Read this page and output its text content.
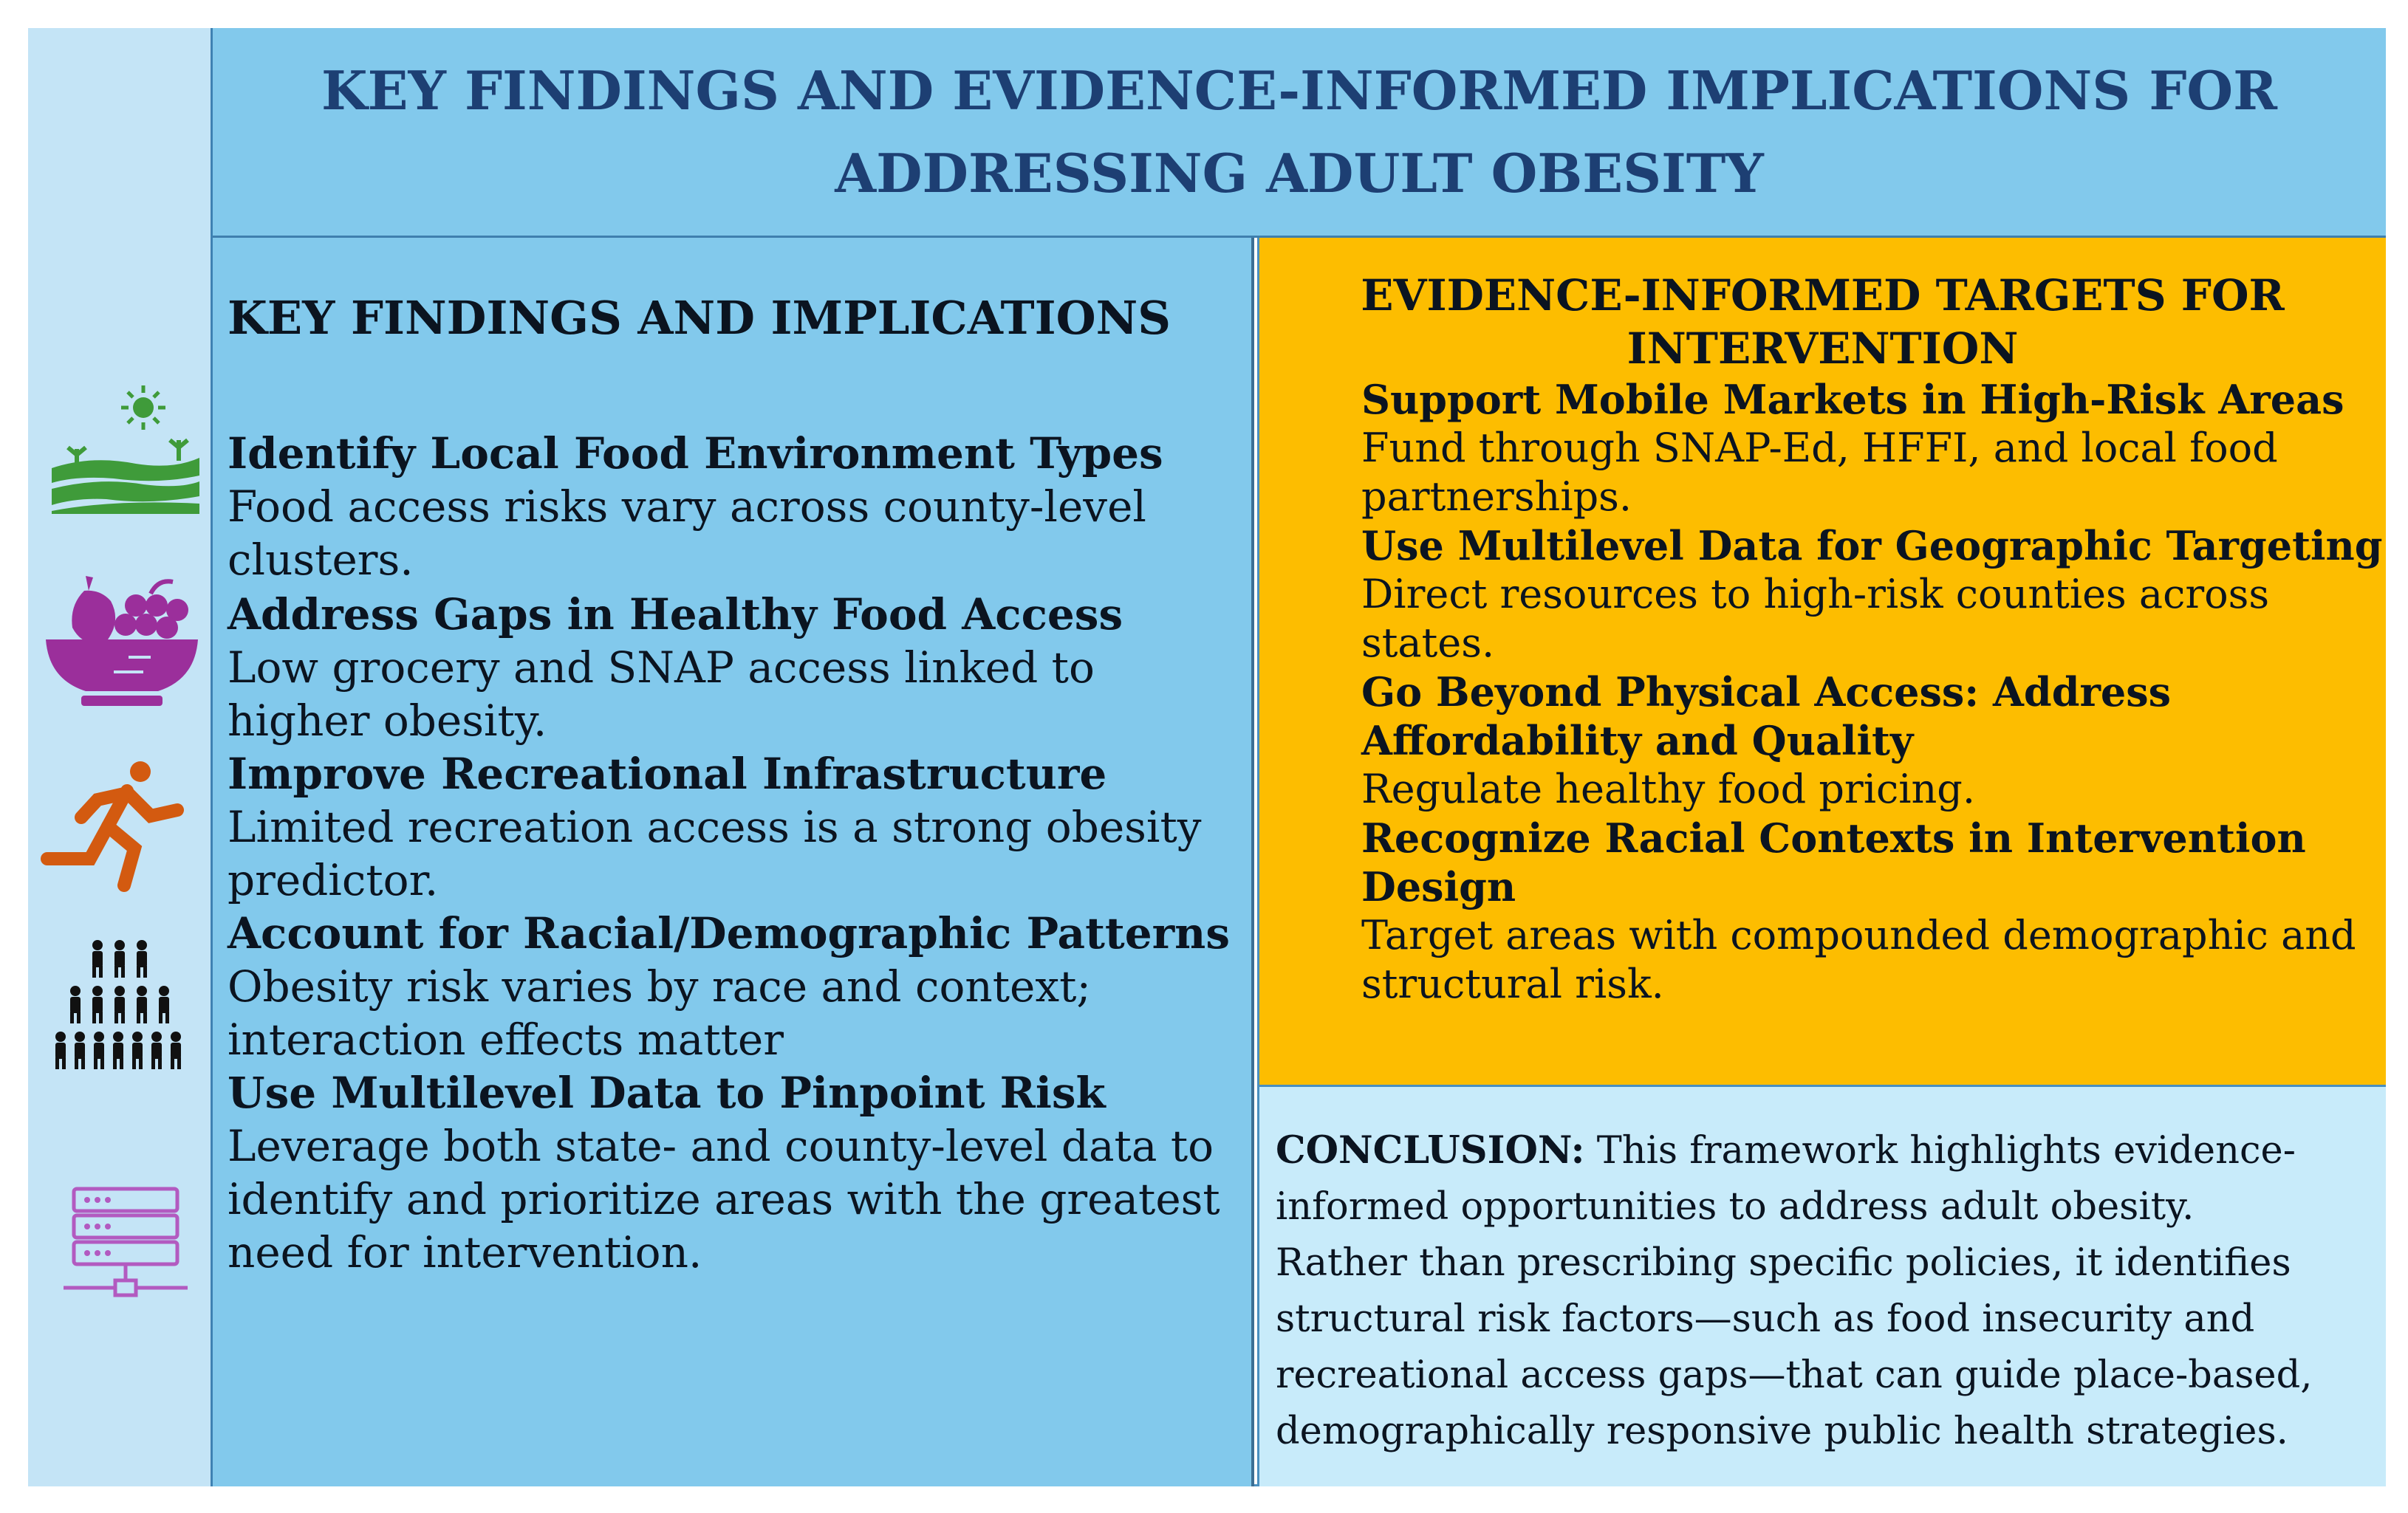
KEY FINDINGS AND EVIDENCE-INFORMED IMPLICATIONS FOR
ADDRESSING ADULT OBESITY
KEY FINDINGS AND IMPLICATIONS
Identify Local Food Environment Types
Food access risks vary across county-level
clusters.
Address Gaps in Healthy Food Access
Low grocery and SNAP access linked to
higher obesity.
Improve Recreational Infrastructure
Limited recreation access is a strong obesity
predictor.
Account for Racial/Demographic Patterns
Obesity risk varies by race and context;
interaction effects matter
Use Multilevel Data to Pinpoint Risk
Leverage both state- and county-level data to
identify and prioritize areas with the greatest
need for intervention.
EVIDENCE-INFORMED TARGETS FOR
INTERVENTION
Support Mobile Markets in High-Risk Areas
Fund through SNAP-Ed, HFFI, and local food
partnerships.
Use Multilevel Data for Geographic Targeting
Direct resources to high-risk counties across
states.
Go Beyond Physical Access: Address
Affordability and Quality
Regulate healthy food pricing.
Recognize Racial Contexts in Intervention
Design
Target areas with compounded demographic and
structural risk.
CONCLUSION: This framework highlights evidence-
informed opportunities to address adult obesity.
Rather than prescribing specific policies, it identifies
structural risk factors—such as food insecurity and
recreational access gaps—that can guide place-based,
demographically responsive public health strategies.
